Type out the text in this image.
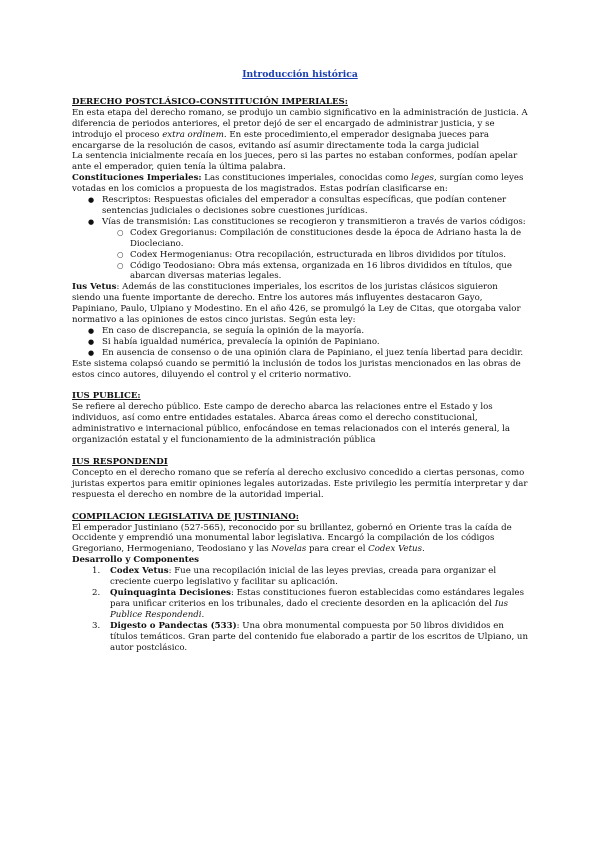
Introducción histórica

DERECHO POSTCLÁSICO-CONSTITUCIÓN IMPERIALES:

En esta etapa del derecho romano, se produjo un cambio significativo en la administración de justicia. A diferencia de periodos anteriores, el pretor dejó de ser el encargado de administrar justicia, y se introdujo el proceso extra ordinem. En este procedimiento,el emperador designaba jueces para encargarse de la resolución de casos, evitando así asumir directamente toda la carga judicial

La sentencia inicialmente recaía en los jueces, pero si las partes no estaban conformes, podían apelar ante el emperador, quien tenía la última palabra.

Constituciones Imperiales: Las constituciones imperiales, conocidas como leges, surgían como leyes votadas en los comicios a propuesta de los magistrados. Estas podrían clasificarse en:

● Rescriptos: Respuestas oficiales del emperador a consultas específicas, que podían contener sentencias judiciales o decisiones sobre cuestiones jurídicas.
● Vías de transmisión: Las constituciones se recogieron y transmitieron a través de varios códigos:
○ Codex Gregorianus: Compilación de constituciones desde la época de Adriano hasta la de Diocleciano.
○ Codex Hermogenianus: Otra recopilación, estructurada en libros divididos por títulos.
○ Código Teodosiano: Obra más extensa, organizada en 16 libros divididos en títulos, que abarcan diversas materias legales.

Ius Vetus: Además de las constituciones imperiales, los escritos de los juristas clásicos siguieron siendo una fuente importante de derecho. Entre los autores más influyentes destacaron Gayo, Papiniano, Paulo, Ulpiano y Modestino. En el año 426, se promulgó la Ley de Citas, que otorgaba valor normativo a las opiniones de estos cinco juristas. Según esta ley:

● En caso de discrepancia, se seguía la opinión de la mayoría.
● Si había igualdad numérica, prevalecía la opinión de Papiniano.
● En ausencia de consenso o de una opinión clara de Papiniano, el juez tenía libertad para decidir.

Este sistema colapsó cuando se permitió la inclusión de todos los juristas mencionados en las obras de estos cinco autores, diluyendo el control y el criterio normativo.

IUS PUBLICE:

Se refiere al derecho público. Este campo de derecho abarca las relaciones entre el Estado y los individuos, así como entre entidades estatales. Abarca áreas como el derecho constitucional, administrativo e internacional público, enfocándose en temas relacionados con el interés general, la organización estatal y el funcionamiento de la administración pública

IUS RESPONDENDI

Concepto en el derecho romano que se refería al derecho exclusivo concedido a ciertas personas, como juristas expertos para emitir opiniones legales autorizadas. Este privilegio les permitía interpretar y dar respuesta el derecho en nombre de la autoridad imperial.

COMPILACION LEGISLATIVA DE JUSTINIANO:

El emperador Justiniano (527-565), reconocido por su brillantez, gobernó en Oriente tras la caída de Occidente y emprendió una monumental labor legislativa. Encargó la compilación de los códigos Gregoriano, Hermogeniano, Teodosiano y las Novelas para crear el Codex Vetus.

Desarrollo y Componentes

1. Codex Vetus: Fue una recopilación inicial de las leyes previas, creada para organizar el creciente cuerpo legislativo y facilitar su aplicación.
2. Quinquaginta Decisiones: Estas constituciones fueron establecidas como estándares legales para unificar criterios en los tribunales, dado el creciente desorden en la aplicación del Ius Publice Respondendi.
3. Digesto o Pandectas (533): Una obra monumental compuesta por 50 libros divididos en títulos temáticos. Gran parte del contenido fue elaborado a partir de los escritos de Ulpiano, un autor postclásico.
